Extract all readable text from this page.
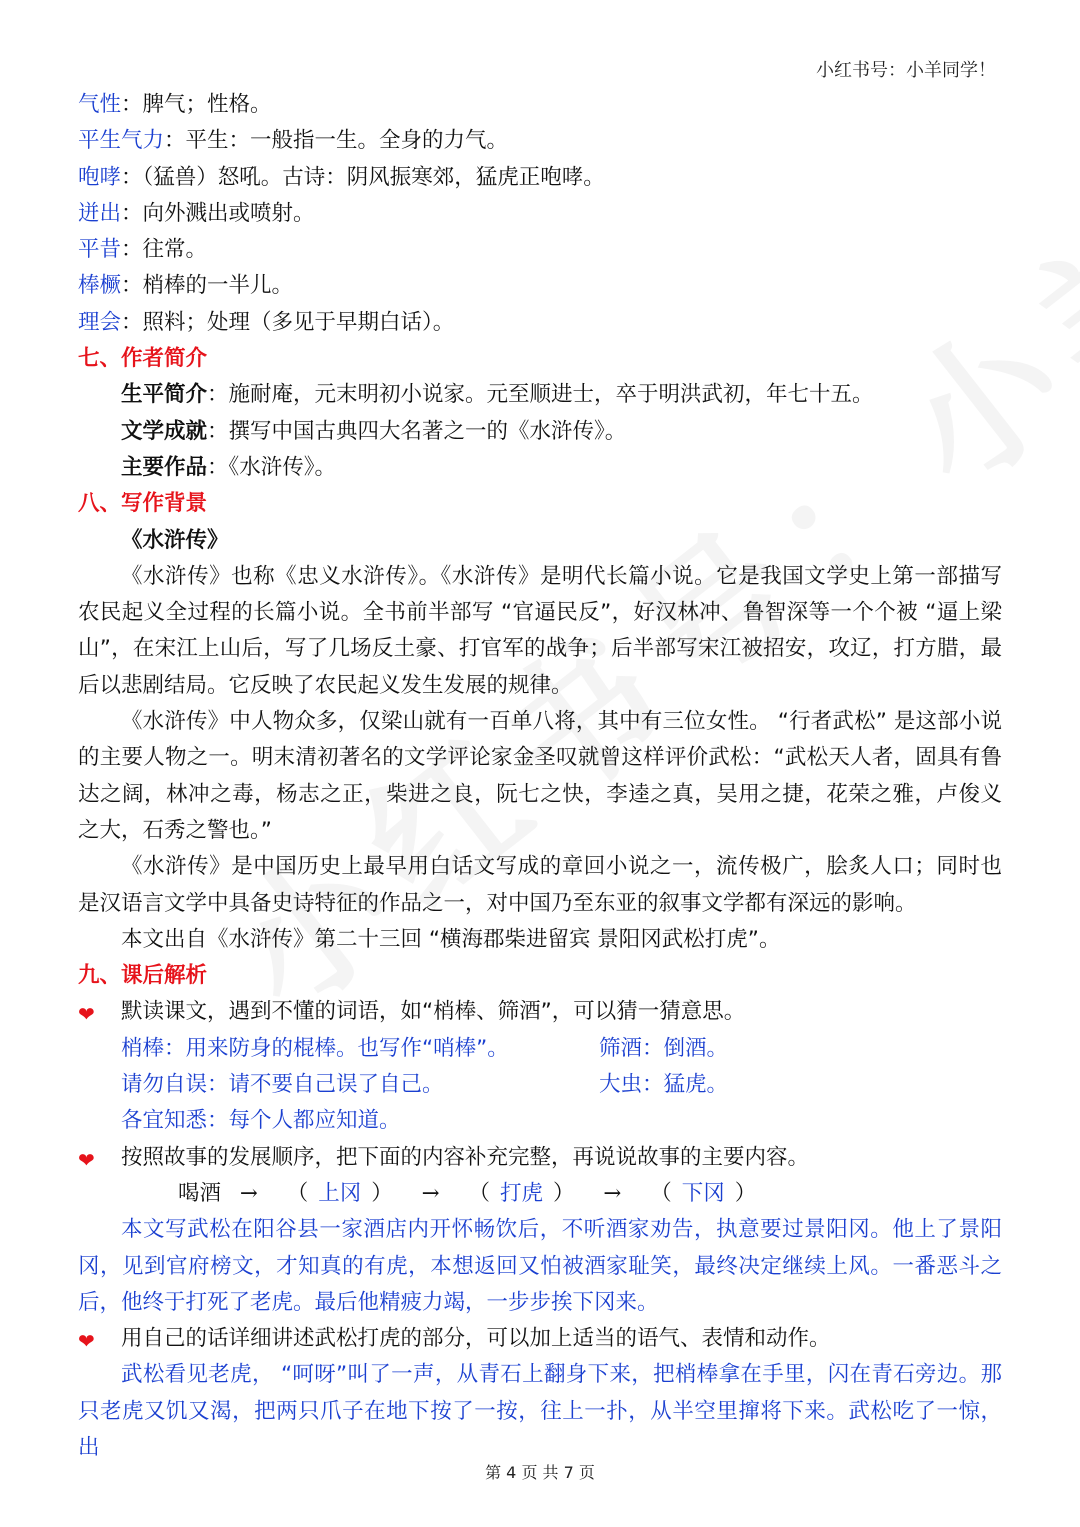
小红书号：小羊同学！
气性：脾气；性格。
平生气力：平生：一般指一生。全身的力气。
咆哮：（猛兽）怒吼。古诗：阴风振寒郊，猛虎正咆哮。
迸出：向外溅出或喷射。
平昔：往常。
棒橛：梢棒的一半儿。
理会：照料；处理（多见于早期白话）。
七、作者简介
生平简介：施耐庵，元末明初小说家。元至顺进士，卒于明洪武初，年七十五。
文学成就：撰写中国古典四大名著之一的《水浒传》。
主要作品：《水浒传》。
八、写作背景
《水浒传》
《水浒传》也称《忠义水浒传》。《水浒传》是明代长篇小说。它是我国文学史上第一部描写农民起义全过程的长篇小说。全书前半部写 “官逼民反”，好汉林冲、鲁智深等一个个被 “逼上梁山”，在宋江上山后，写了几场反土豪、打官军的战争；后半部写宋江被招安，攻辽，打方腊，最后以悲剧结局。它反映了农民起义发生发展的规律。
《水浒传》中人物众多，仅梁山就有一百单八将，其中有三位女性。 “行者武松” 是这部小说的主要人物之一。明末清初著名的文学评论家金圣叹就曾这样评价武松：“武松天人者，固具有鲁达之阔，林冲之毒，杨志之正，柴进之良，阮七之快，李逵之真，吴用之捷，花荣之雅，卢俊义之大，石秀之警也。”
《水浒传》是中国历史上最早用白话文写成的章回小说之一，流传极广，脍炙人口；同时也是汉语言文学中具备史诗特征的作品之一，对中国乃至东亚的叙事文学都有深远的影响。
本文出自《水浒传》第二十三回 “横海郡柴进留宾 景阳冈武松打虎”。
九、课后解析
❤ 默读课文，遇到不懂的词语，如“梢棒、筛酒”，可以猜一猜意思。
梢棒：用来防身的棍棒。也写作“哨棒”。	筛酒：倒酒。
请勿自误：请不要自己误了自己。	大虫：猛虎。
各宜知悉：每个人都应知道。
❤ 按照故事的发展顺序，把下面的内容补充完整，再说说故事的主要内容。
喝酒 → （ 上冈 ） → （ 打虎 ） → （ 下冈 ）
本文写武松在阳谷县一家酒店内开怀畅饮后，不听酒家劝告，执意要过景阳冈。他上了景阳冈，见到官府榜文，才知真的有虎，本想返回又怕被酒家耻笑，最终决定继续上风。一番恶斗之后，他终于打死了老虎。最后他精疲力竭，一步步挨下冈来。
❤ 用自己的话详细讲述武松打虎的部分，可以加上适当的语气、表情和动作。
武松看见老虎， “呵呀”叫了一声，从青石上翻身下来，把梢棒拿在手里，闪在青石旁边。那只老虎又饥又渴，把两只爪子在地下按了一按，往上一扑，从半空里撺将下来。武松吃了一惊，出
第 4 页 共 7 页
